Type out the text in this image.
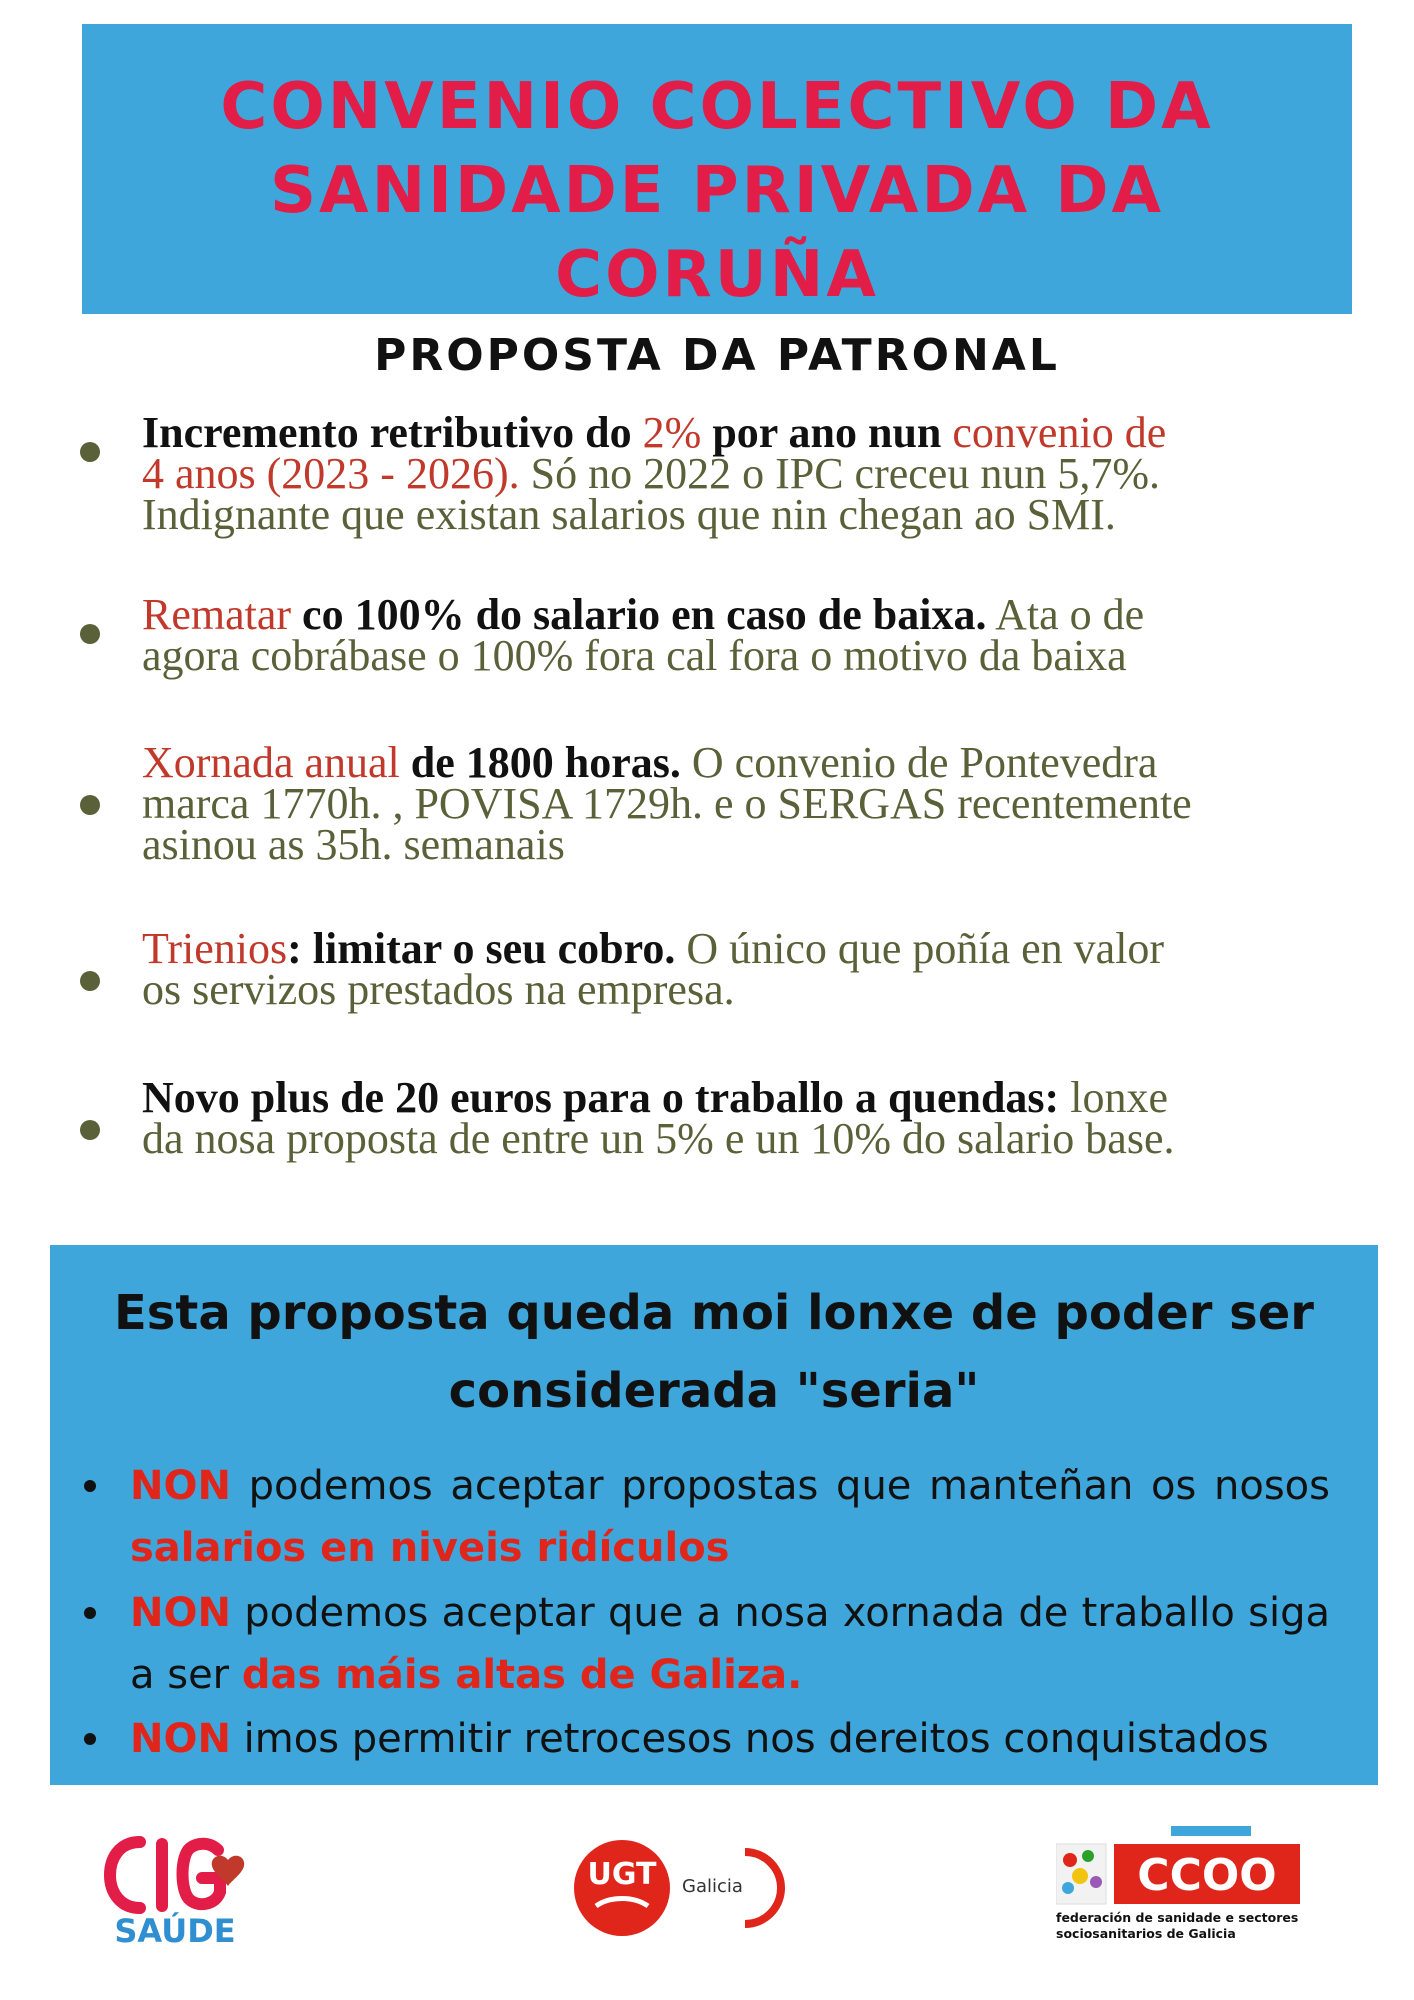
CONVENIO COLECTIVO DA
SANIDADE PRIVADA DA
CORUÑA
PROPOSTA DA PATRONAL
Incremento retributivo do 2% por ano nun convenio de
4 anos (2023 - 2026). Só no 2022 o IPC creceu nun 5,7%.
Indignante que existan salarios que nin chegan ao SMI.
Rematar co 100% do salario en caso de baixa. Ata o de
agora cobrábase o 100% fora cal fora o motivo da baixa
Xornada anual de 1800 horas. O convenio de Pontevedra
marca 1770h. , POVISA 1729h. e o SERGAS recentemente
asinou as 35h. semanais
Trienios: limitar o seu cobro. O único que poñía en valor
os servizos prestados na empresa.
Novo plus de 20 euros para o traballo a quendas: lonxe
da nosa proposta de entre un 5% e un 10% do salario base.
Esta proposta queda moi lonxe de poder ser
considerada "seria"
NON podemos aceptar propostas que manteñan os nosos salarios en niveis ridículos
NON podemos aceptar que a nosa xornada de traballo siga a ser das máis altas de Galiza.
NON imos permitir retrocesos nos dereitos conquistados
SAÚDE
UGT Galicia	CCOO
federación de sanidade e sectores
sociosanitarios de Galicia
